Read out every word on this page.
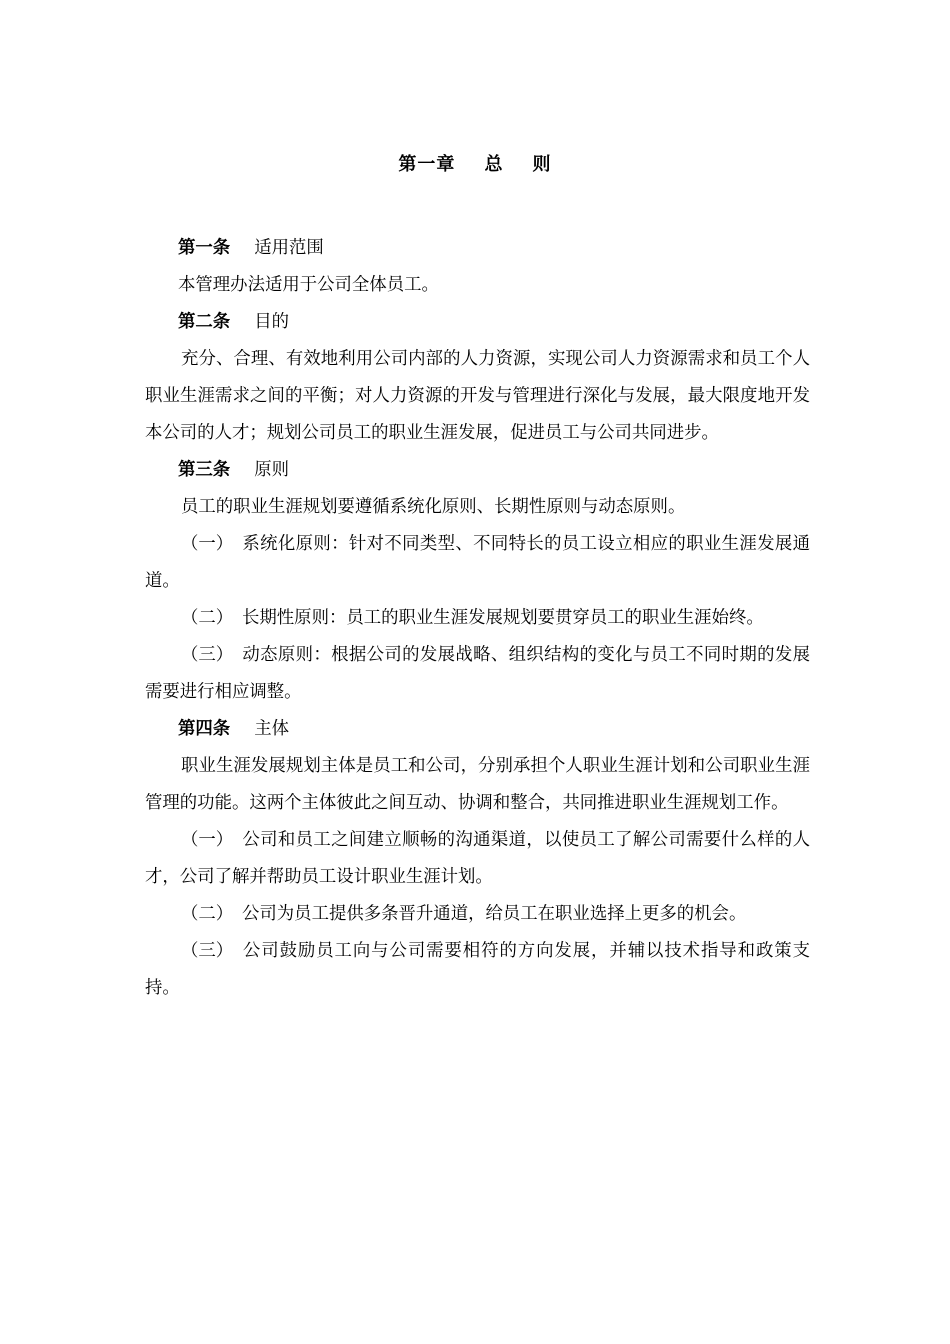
第一章    总    则

第一条 适用范围

本管理办法适用于公司全体员工。

第二条 目的

充分、合理、有效地利用公司内部的人力资源，实现公司人力资源需求和员工个人职业生涯需求之间的平衡；对人力资源的开发与管理进行深化与发展，最大限度地开发本公司的人才；规划公司员工的职业生涯发展，促进员工与公司共同进步。

第三条 原则

员工的职业生涯规划要遵循系统化原则、长期性原则与动态原则。

（一） 系统化原则：针对不同类型、不同特长的员工设立相应的职业生涯发展通道。

（二） 长期性原则：员工的职业生涯发展规划要贯穿员工的职业生涯始终。

（三） 动态原则：根据公司的发展战略、组织结构的变化与员工不同时期的发展需要进行相应调整。

第四条 主体

职业生涯发展规划主体是员工和公司，分别承担个人职业生涯计划和公司职业生涯管理的功能。这两个主体彼此之间互动、协调和整合，共同推进职业生涯规划工作。

（一） 公司和员工之间建立顺畅的沟通渠道，以使员工了解公司需要什么样的人才，公司了解并帮助员工设计职业生涯计划。

（二） 公司为员工提供多条晋升通道，给员工在职业选择上更多的机会。

（三） 公司鼓励员工向与公司需要相符的方向发展，并辅以技术指导和政策支持。
